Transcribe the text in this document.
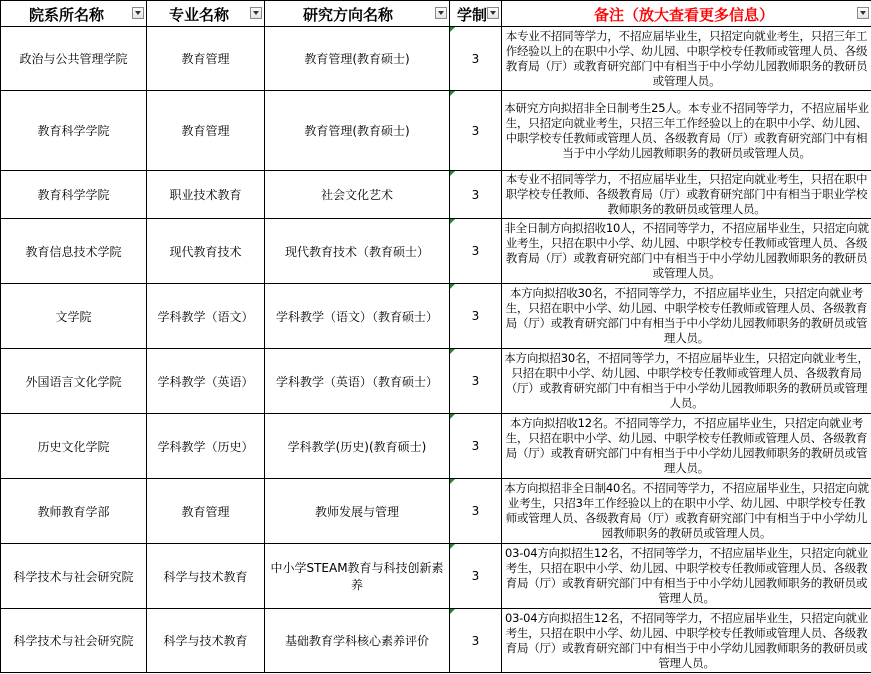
院系所名称	专业名称	研究方向名称	学制	备注（放大查看更多信息）

政治与公共管理学院	教育管理	教育管理(教育硕士)	3	本专业不招同等学力，不招应届毕业生，只招定向就业考生，只招三年工作经验以上的在职中小学、幼儿园、中职学校专任教师或管理人员、各级教育局（厅）或教育研究部门中有相当于中小学幼儿园教师职务的教研员或管理人员。
教育科学学院	教育管理	教育管理(教育硕士)	3	本研究方向拟招非全日制考生25人。本专业不招同等学力，不招应届毕业生，只招定向就业考生，只招三年工作经验以上的在职中小学、幼儿园、中职学校专任教师或管理人员、各级教育局（厅）或教育研究部门中有相当于中小学幼儿园教师职务的教研员或管理人员。
教育科学学院	职业技术教育	社会文化艺术	3	本专业不招同等学力，不招应届毕业生，只招定向就业考生，只招在职中职学校专任教师、各级教育局（厅）或教育研究部门中有相当于职业学校教师职务的教研员或管理人员。
教育信息技术学院	现代教育技术	现代教育技术（教育硕士）	3	非全日制方向拟招收10人，不招同等学力，不招应届毕业生，只招定向就业考生，只招在职中小学、幼儿园、中职学校专任教师或管理人员、各级教育局（厅）或教育研究部门中有相当于中小学幼儿园教师职务的教研员或管理人员。
文学院	学科教学（语文）	学科教学（语文）（教育硕士）	3	本方向拟招收30名，不招同等学力，不招应届毕业生，只招定向就业考生，只招在职中小学、幼儿园、中职学校专任教师或管理人员、各级教育局（厅）或教育研究部门中有相当于中小学幼儿园教师职务的教研员或管理人员。
外国语言文化学院	学科教学（英语）	学科教学（英语）（教育硕士）	3	本方向拟招30名，不招同等学力，不招应届毕业生，只招定向就业考生，只招在职中小学、幼儿园、中职学校专任教师或管理人员、各级教育局（厅）或教育研究部门中有相当于中小学幼儿园教师职务的教研员或管理人员。
历史文化学院	学科教学（历史）	学科教学(历史)(教育硕士)	3	本方向拟招收12名。不招同等学力，不招应届毕业生，只招定向就业考生，只招在职中小学、幼儿园、中职学校专任教师或管理人员、各级教育局（厅）或教育研究部门中有相当于中小学幼儿园教师职务的教研员或管理人员。
教师教育学部	教育管理	教师发展与管理	3	本方向拟招非全日制40名。不招同等学力，不招应届毕业生，只招定向就业考生，只招3年工作经验以上的在职中小学、幼儿园、中职学校专任教师或管理人员、各级教育局（厅）或教育研究部门中有相当于中小学幼儿园教师职务的教研员或管理人员。
科学技术与社会研究院	科学与技术教育	中小学STEAM教育与科技创新素养	3	03-04方向拟招生12名，不招同等学力，不招应届毕业生，只招定向就业考生，只招在职中小学、幼儿园、中职学校专任教师或管理人员、各级教育局（厅）或教育研究部门中有相当于中小学幼儿园教师职务的教研员或管理人员。
科学技术与社会研究院	科学与技术教育	基础教育学科核心素养评价	3	03-04方向拟招生12名，不招同等学力，不招应届毕业生，只招定向就业考生，只招在职中小学、幼儿园、中职学校专任教师或管理人员、各级教育局（厅）或教育研究部门中有相当于中小学幼儿园教师职务的教研员或管理人员。
